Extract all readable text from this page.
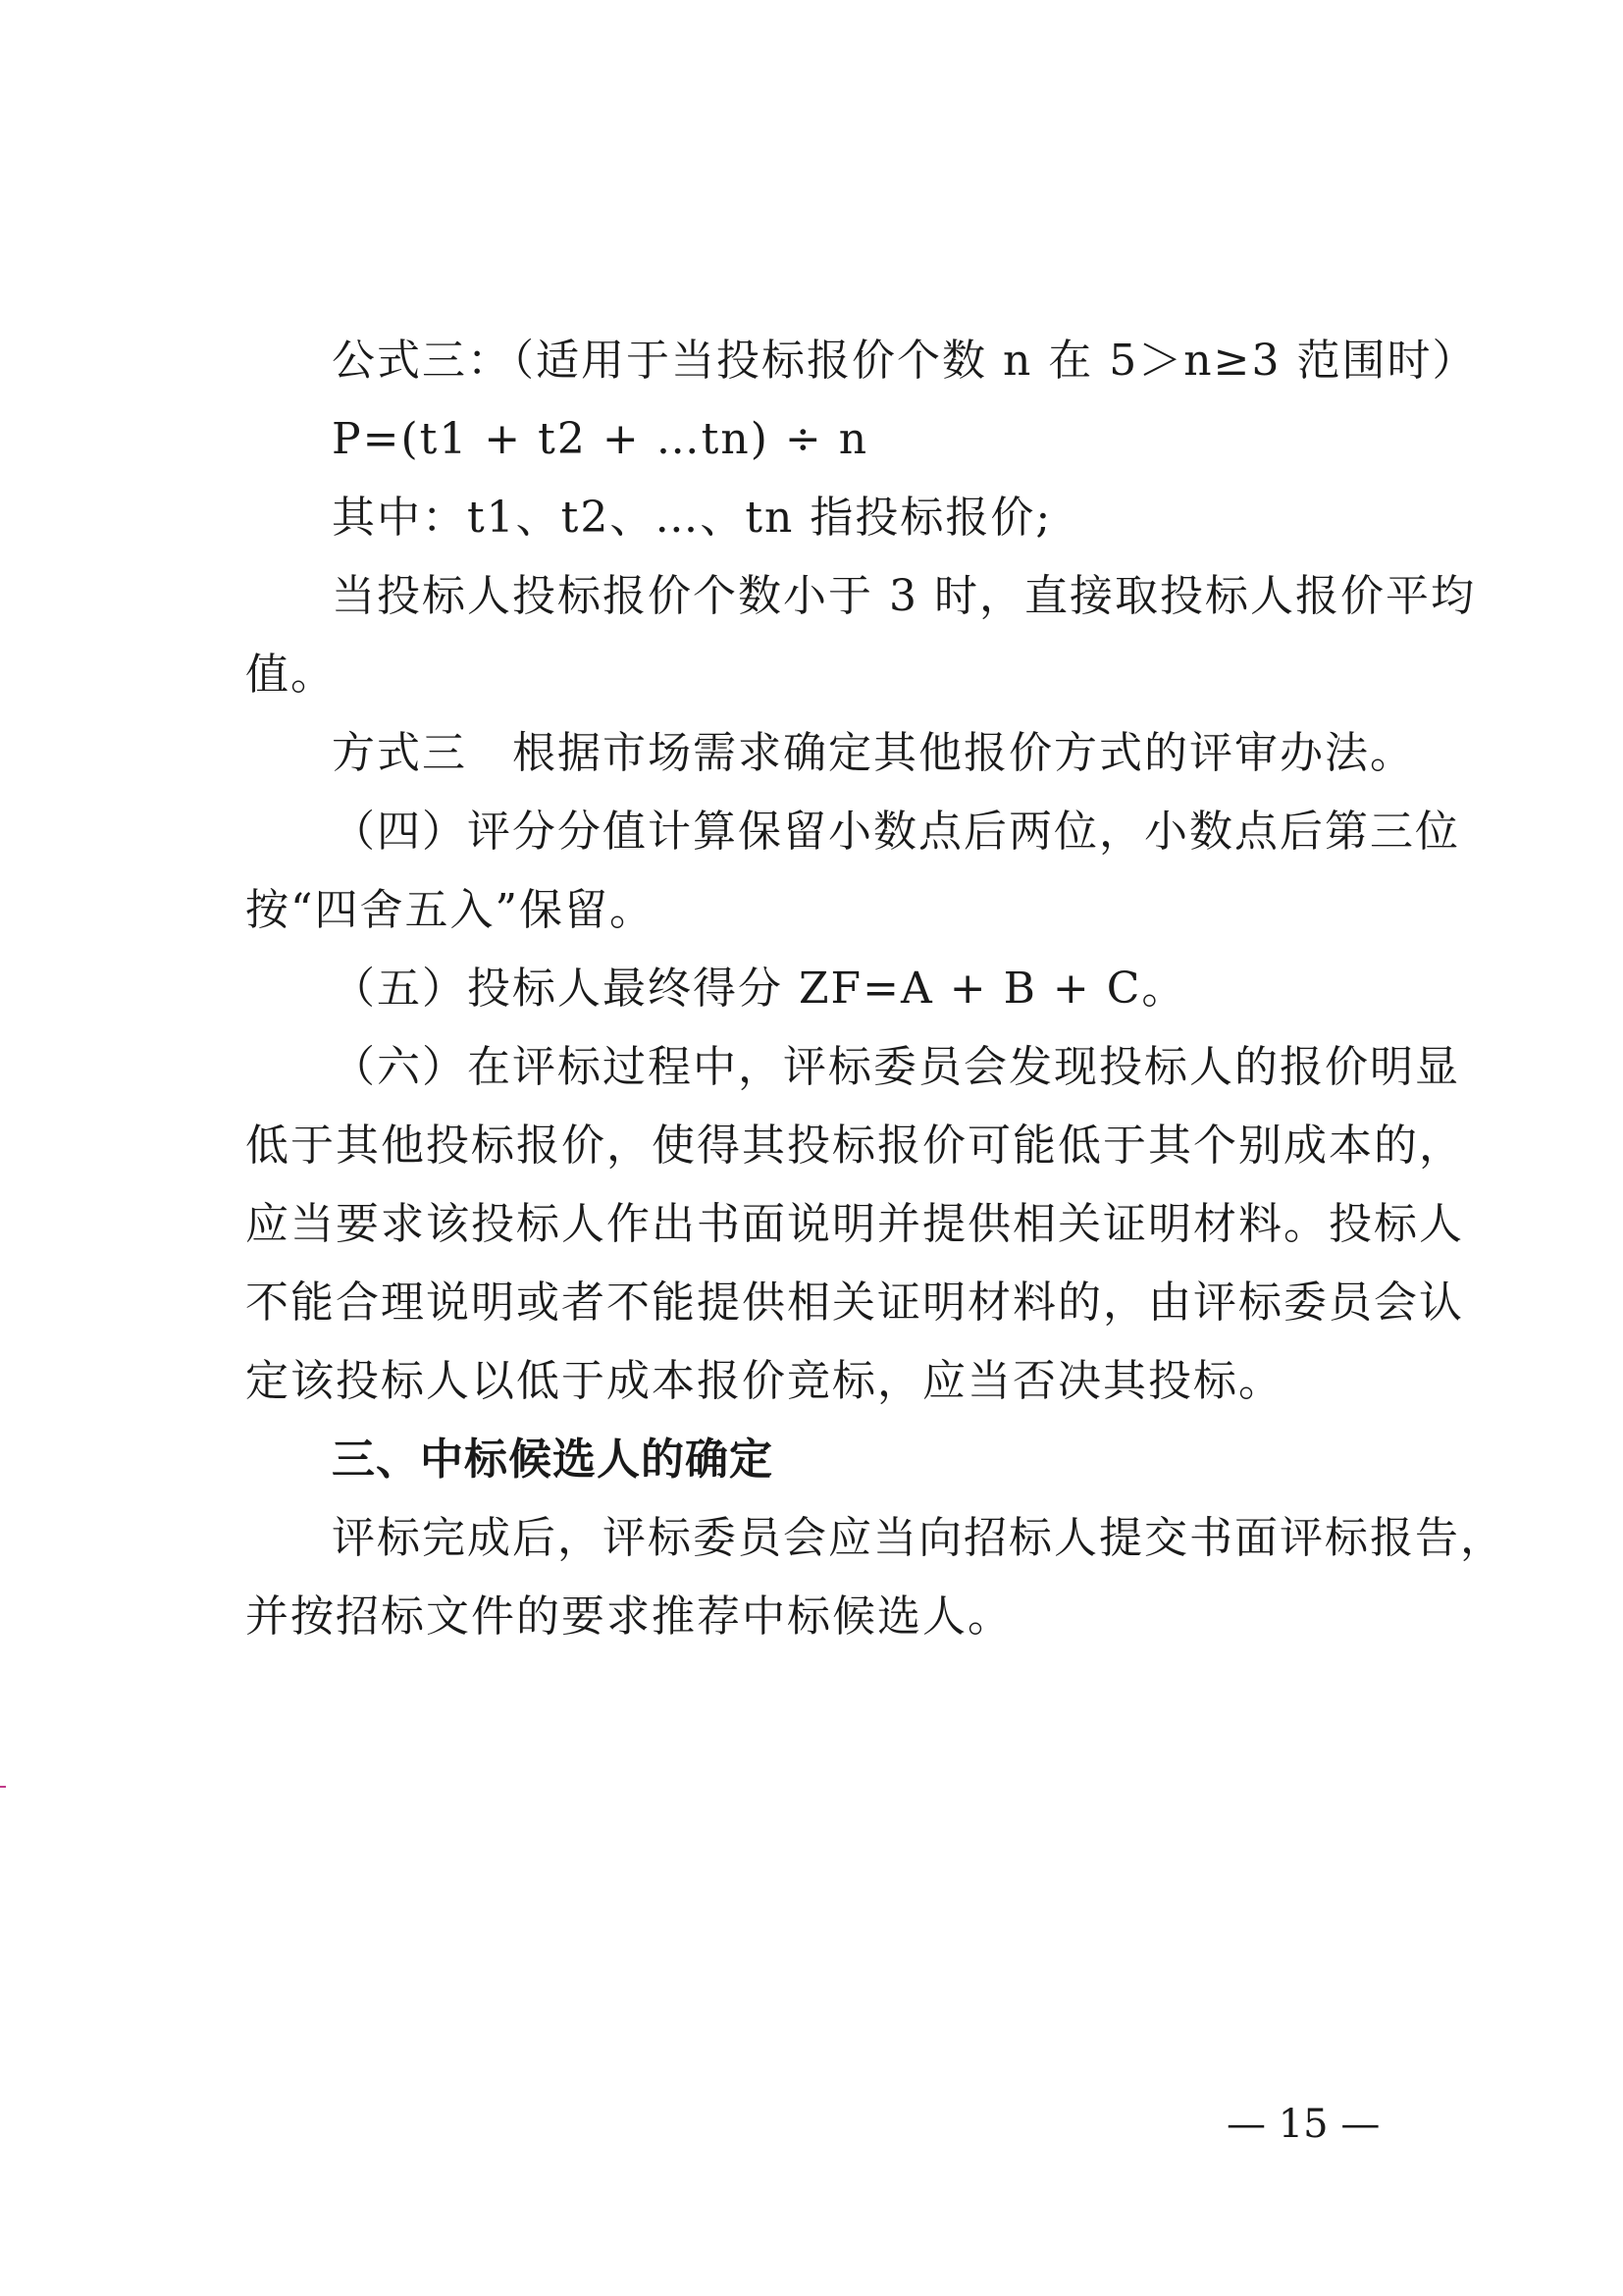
公式三：（适用于当投标报价个数 n 在 5＞n≥3 范围时）
P=(t1 + t2 + …tn) ÷ n
其中：t1、t2、…、tn 指投标报价;
当投标人投标报价个数小于 3 时，直接取投标人报价平均
值。
方式三　根据市场需求确定其他报价方式的评审办法。
（四）评分分值计算保留小数点后两位，小数点后第三位
按“四舍五入”保留。
（五）投标人最终得分 ZF=A + B + C。
（六）在评标过程中，评标委员会发现投标人的报价明显
低于其他投标报价，使得其投标报价可能低于其个别成本的，
应当要求该投标人作出书面说明并提供相关证明材料。投标人
不能合理说明或者不能提供相关证明材料的，由评标委员会认
定该投标人以低于成本报价竞标，应当否决其投标。
三、中标候选人的确定
评标完成后，评标委员会应当向招标人提交书面评标报告，
并按招标文件的要求推荐中标候选人。
— 15 —
